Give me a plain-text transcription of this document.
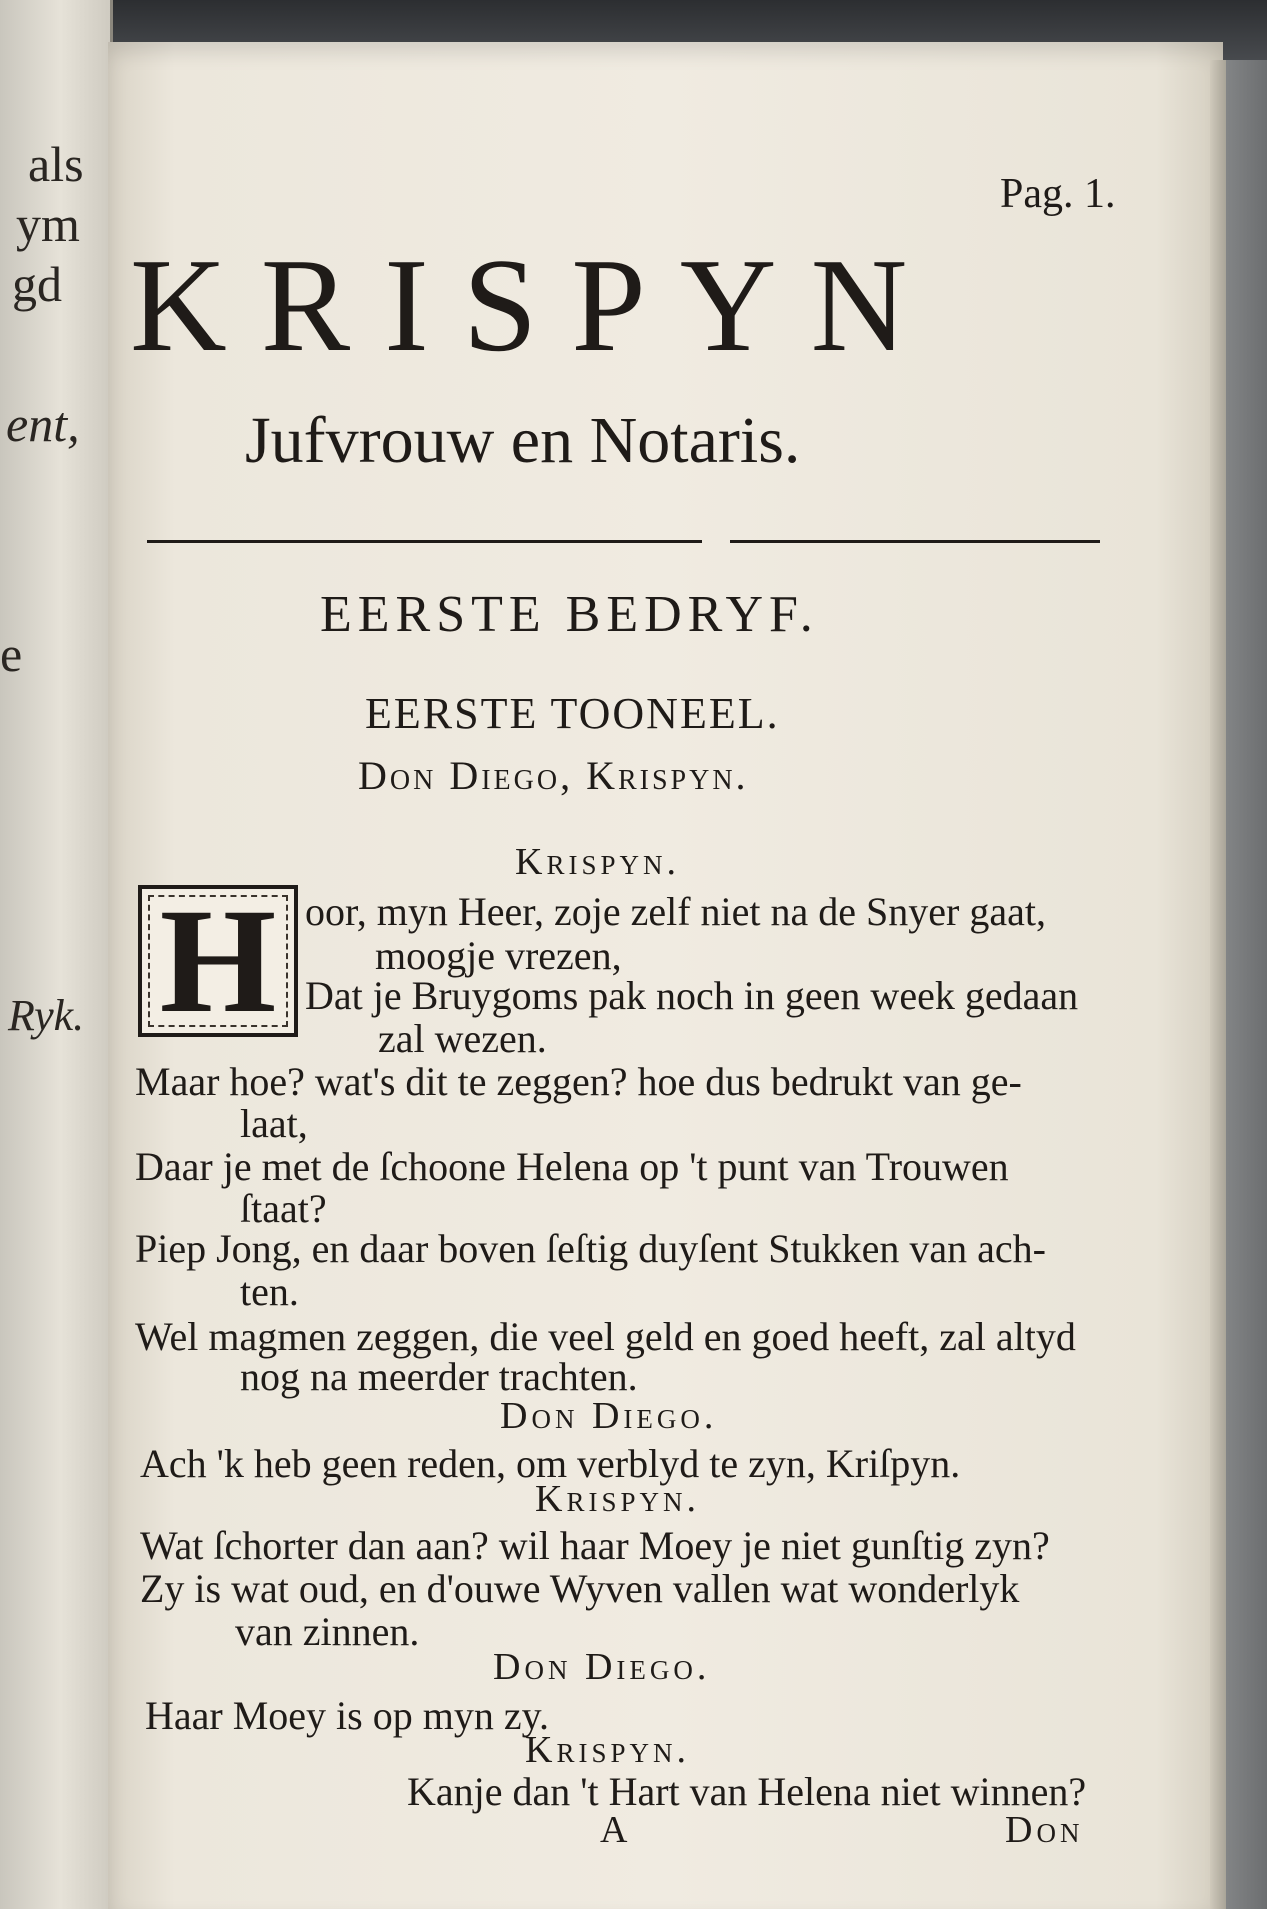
als
ym
gd
ent,
e
Ryk.
Pag. 1.
KRISPYN
Jufvrouw en Notaris.
EERSTE BEDRYF.
EERSTE TOONEEL.
Don Diego, Krispyn.
Krispyn.
H oor, myn Heer, zoje zelf niet na de Snyer gaat,
moogje vrezen,
Dat je Bruygoms pak noch in geen week gedaan
zal wezen.
Maar hoe? wat's dit te zeggen? hoe dus bedrukt van ge-
laat,
Daar je met de ſchoone Helena op 't punt van Trouwen
ſtaat?
Piep Jong, en daar boven ſeſtig duyſent Stukken van ach-
ten.
Wel magmen zeggen, die veel geld en goed heeft, zal altyd
nog na meerder trachten.
Don Diego.
Ach 'k heb geen reden, om verblyd te zyn, Kriſpyn.
Krispyn.
Wat ſchorter dan aan? wil haar Moey je niet gunſtig zyn?
Zy is wat oud, en d'ouwe Wyven vallen wat wonderlyk
van zinnen.
Don Diego.
Haar Moey is op myn zy.
Krispyn.
Kanje dan 't Hart van Helena niet winnen?
A	Don
